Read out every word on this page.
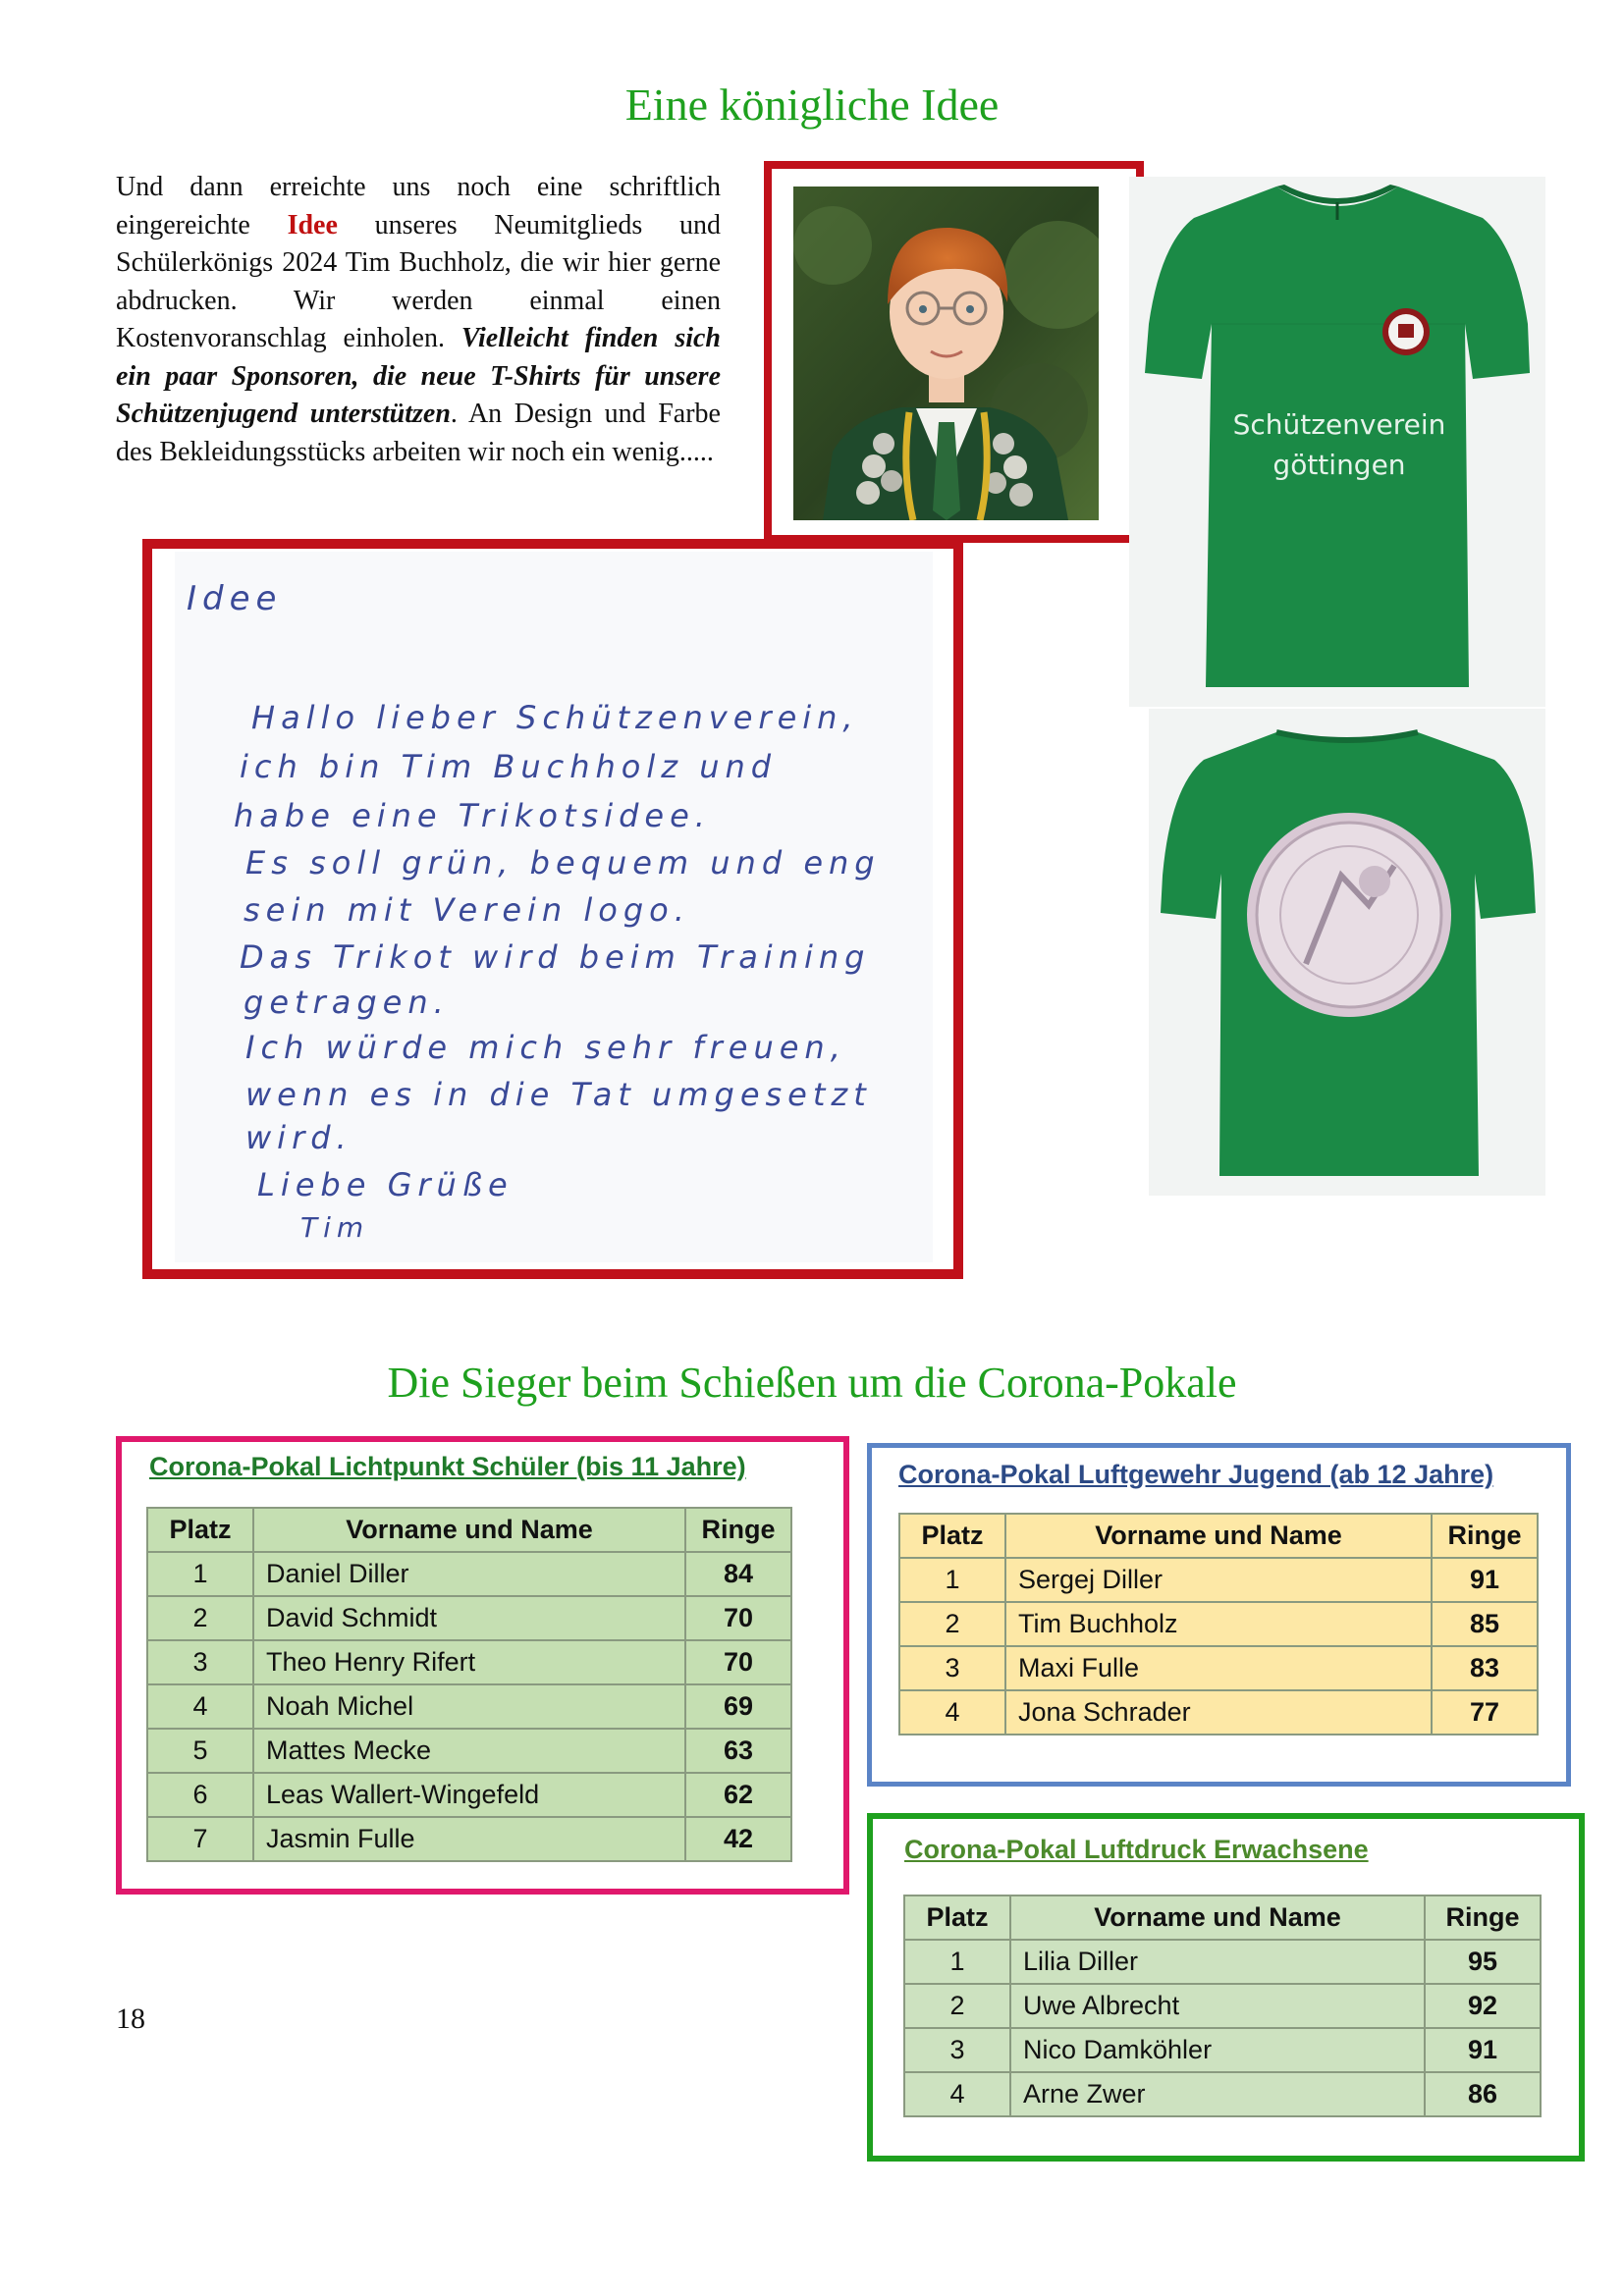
Eine königliche Idee

Und dann erreichte uns noch eine schriftlich eingereichte Idee unseres Neumitglieds und Schülerkönigs 2024 Tim Buchholz, die wir hier gerne abdrucken. Wir werden einmal einen Kostenvoranschlag einholen. Vielleicht finden sich ein paar Sponsoren, die neue T-Shirts für unsere Schützenjugend unterstützen. An Design und Farbe des Bekleidungsstücks arbeiten wir noch ein wenig.....

Schützenverein
göttingen
Idee
Hallo lieber Schützenverein,
ich bin Tim Buchholz und
habe eine Trikotsidee.
Es soll grün, bequem und eng
sein mit Verein logo.
Das Trikot wird beim Training
getragen.
Ich würde mich sehr freuen,
wenn es in die Tat umgesetzt
wird.
Liebe Grüße
Tim
Die Sieger beim Schießen um die Corona-Pokale
Corona-Pokal Lichtpunkt Schüler (bis 11 Jahre)
Platz	Vorname und Name	Ringe
1	Daniel Diller	84
2	David Schmidt	70
3	Theo Henry Rifert	70
4	Noah Michel	69
5	Mattes Mecke	63
6	Leas Wallert-Wingefeld	62
7	Jasmin Fulle	42
Corona-Pokal Luftgewehr Jugend (ab 12 Jahre)
Platz	Vorname und Name	Ringe
1	Sergej Diller	91
2	Tim Buchholz	85
3	Maxi Fulle	83
4	Jona Schrader	77
Corona-Pokal Luftdruck Erwachsene
Platz	Vorname und Name	Ringe
1	Lilia Diller	95
2	Uwe Albrecht	92
3	Nico Damköhler	91
4	Arne Zwer	86
18
